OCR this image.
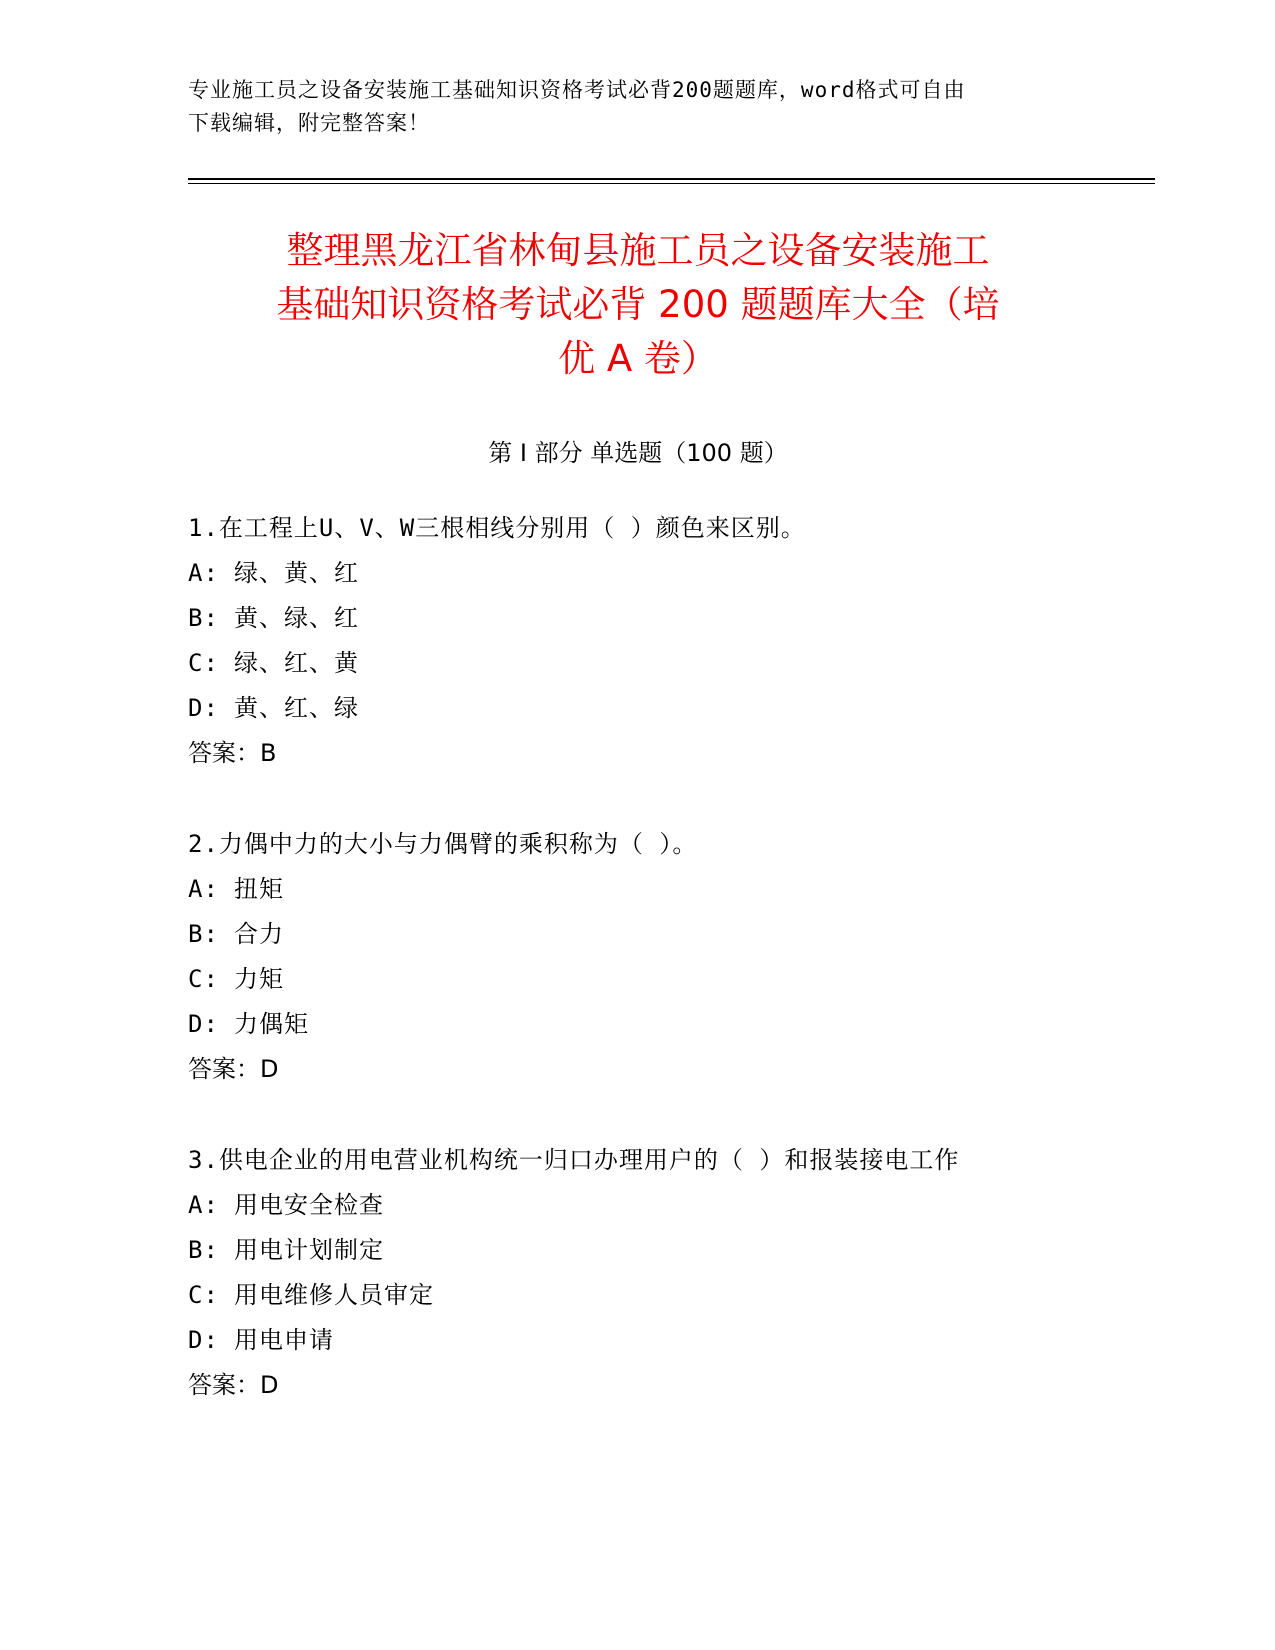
专业施工员之设备安装施工基础知识资格考试必背200题题库，word格式可自由
下载编辑，附完整答案！
整理黑龙江省林甸县施工员之设备安装施工
基础知识资格考试必背 200 题题库大全（培
优 A 卷）
第 I 部分 单选题（100 题）
1.在工程上U、V、W三根相线分别用（ ）颜色来区别。
A: 绿、黄、红
B: 黄、绿、红
C: 绿、红、黄
D: 黄、红、绿
答案：B
2.力偶中力的大小与力偶臂的乘积称为（ ）。
A: 扭矩
B: 合力
C: 力矩
D: 力偶矩
答案：D
3.供电企业的用电营业机构统一归口办理用户的（ ）和报装接电工作
A: 用电安全检查
B: 用电计划制定
C: 用电维修人员审定
D: 用电申请
答案：D
